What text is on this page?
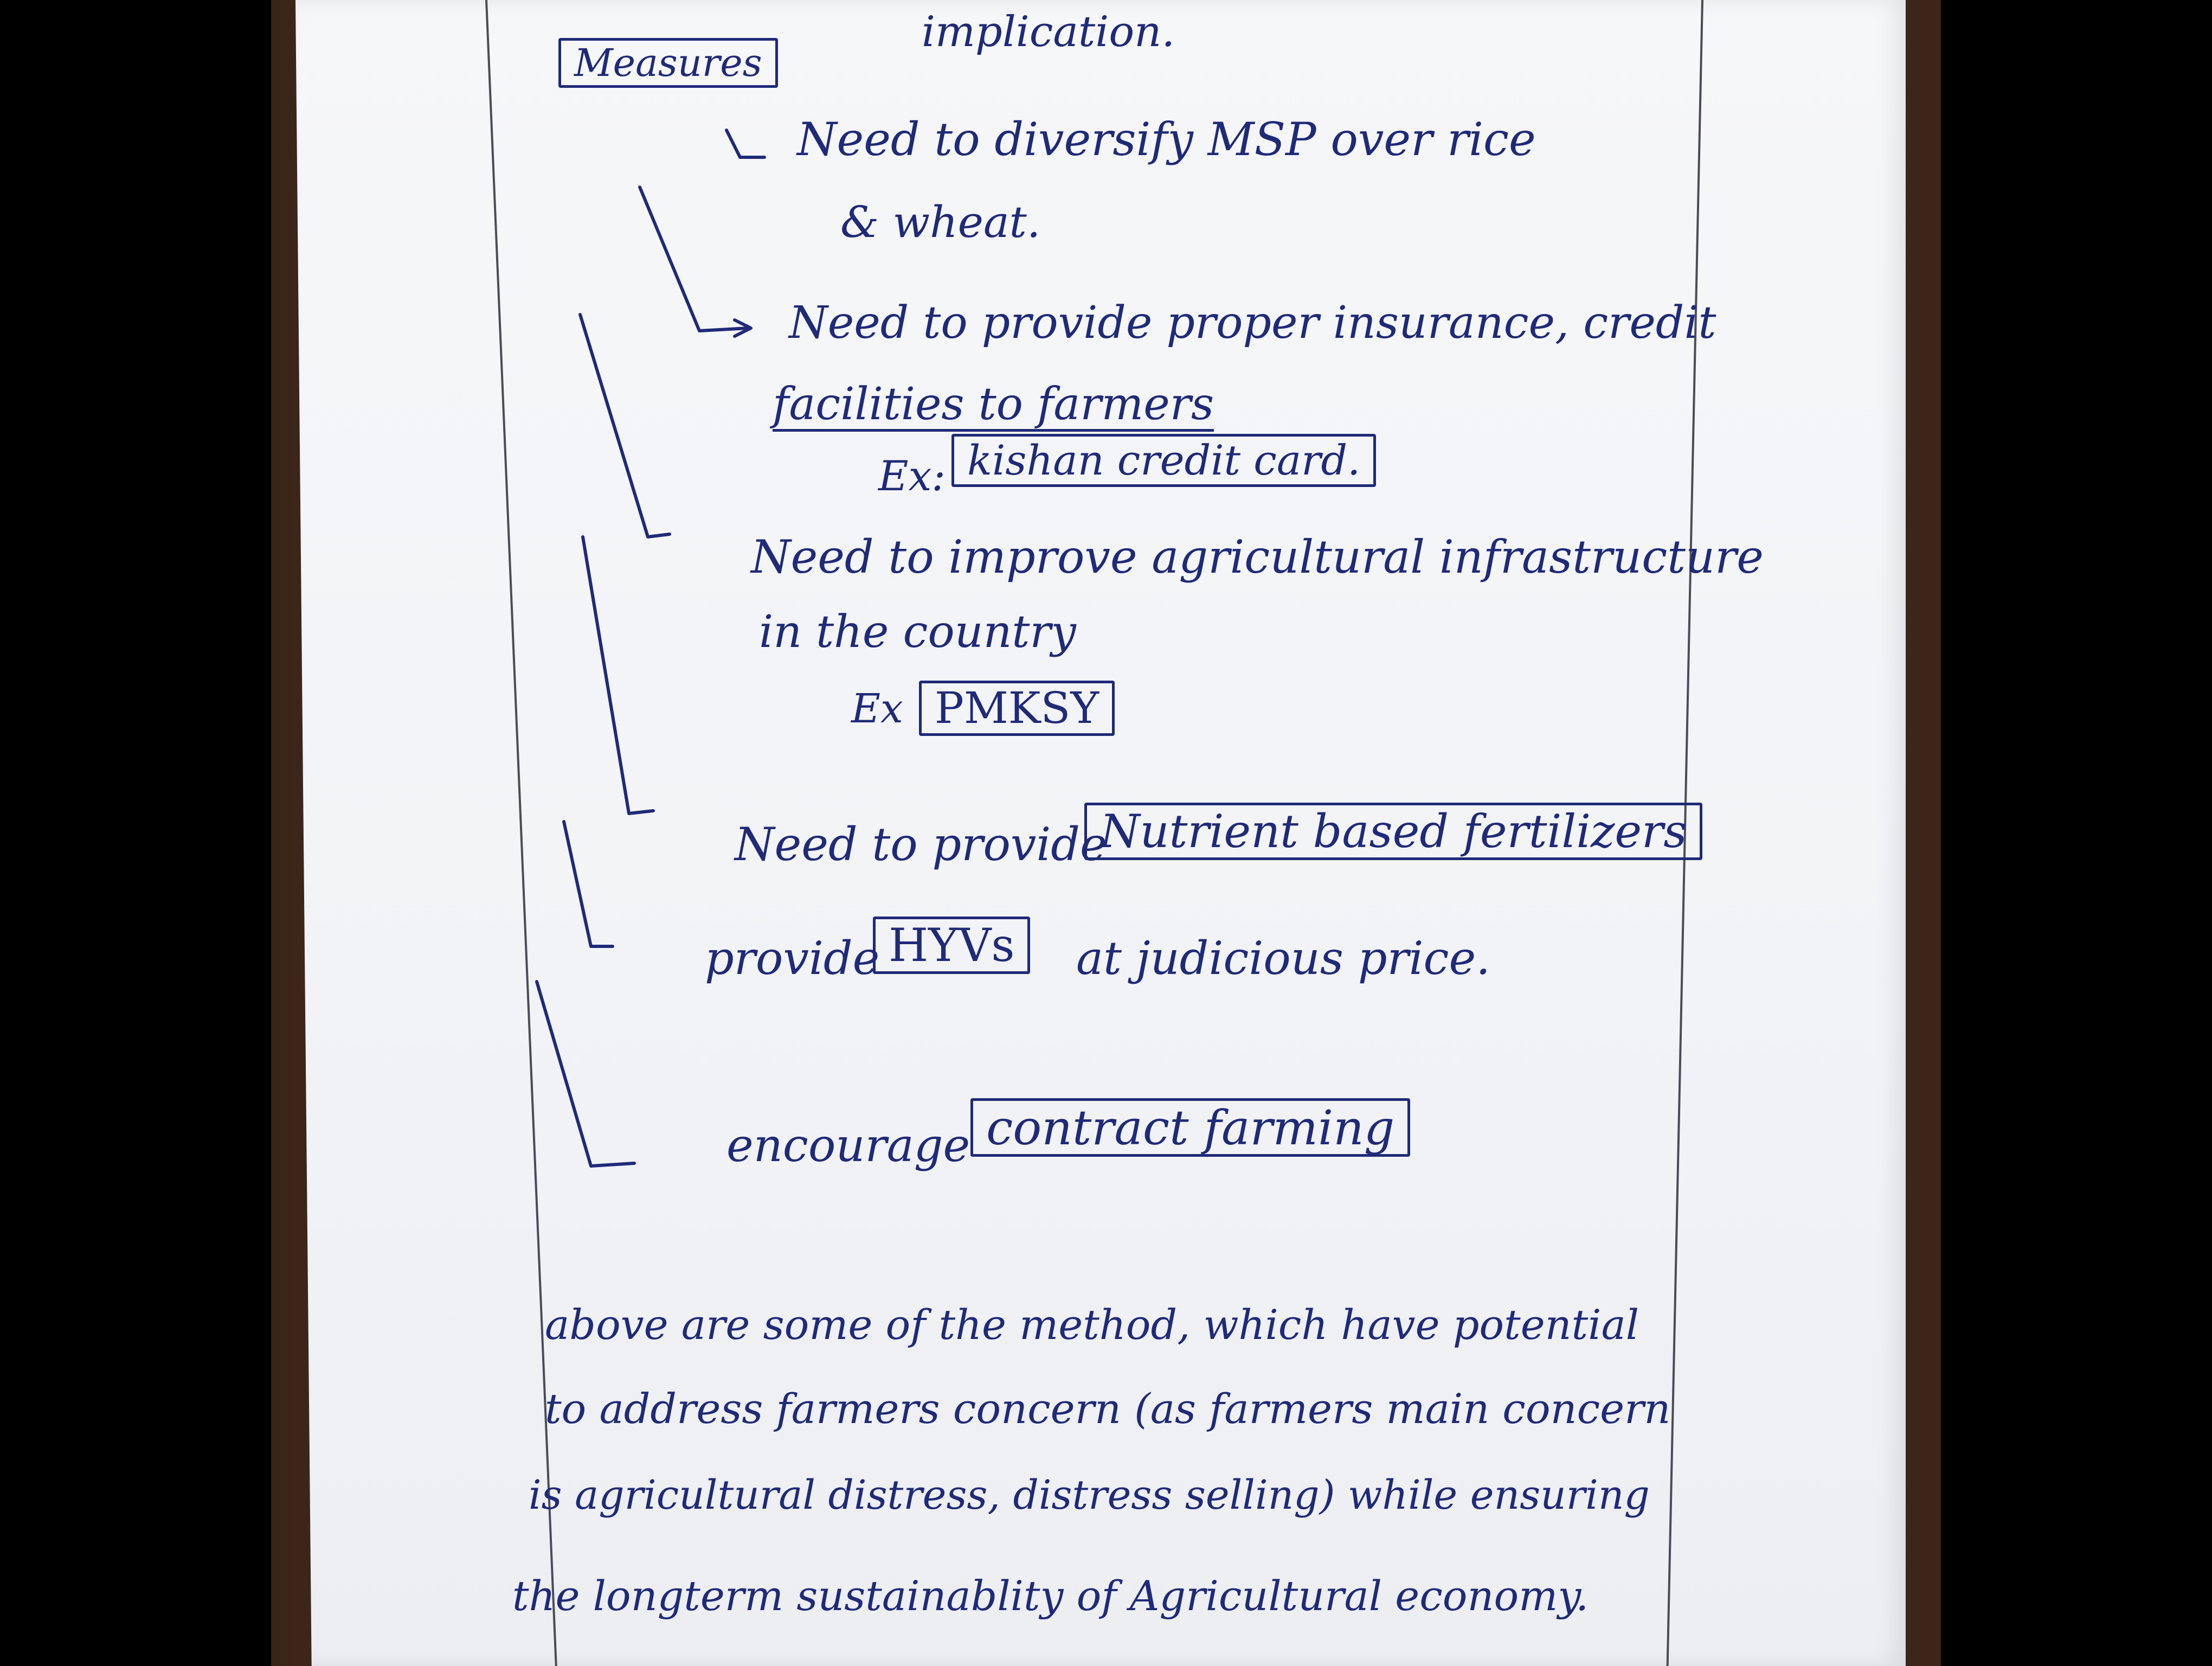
implication.

Measures

Need to diversify MSP over rice

& wheat.

Need to provide proper insurance, credit

facilities to farmers

Ex: kishan credit card.

Need to improve agricultural infrastructure

in the country

Ex PMKSY

Need to provide

Nutrient based fertilizers

provide HYVs	at judicious price.

encourage contract farming

above are some of the method, which have potential

to address farmers concern (as farmers main concern

is agricultural distress, distress selling) while ensuring

the longterm sustainablity of Agricultural economy.
